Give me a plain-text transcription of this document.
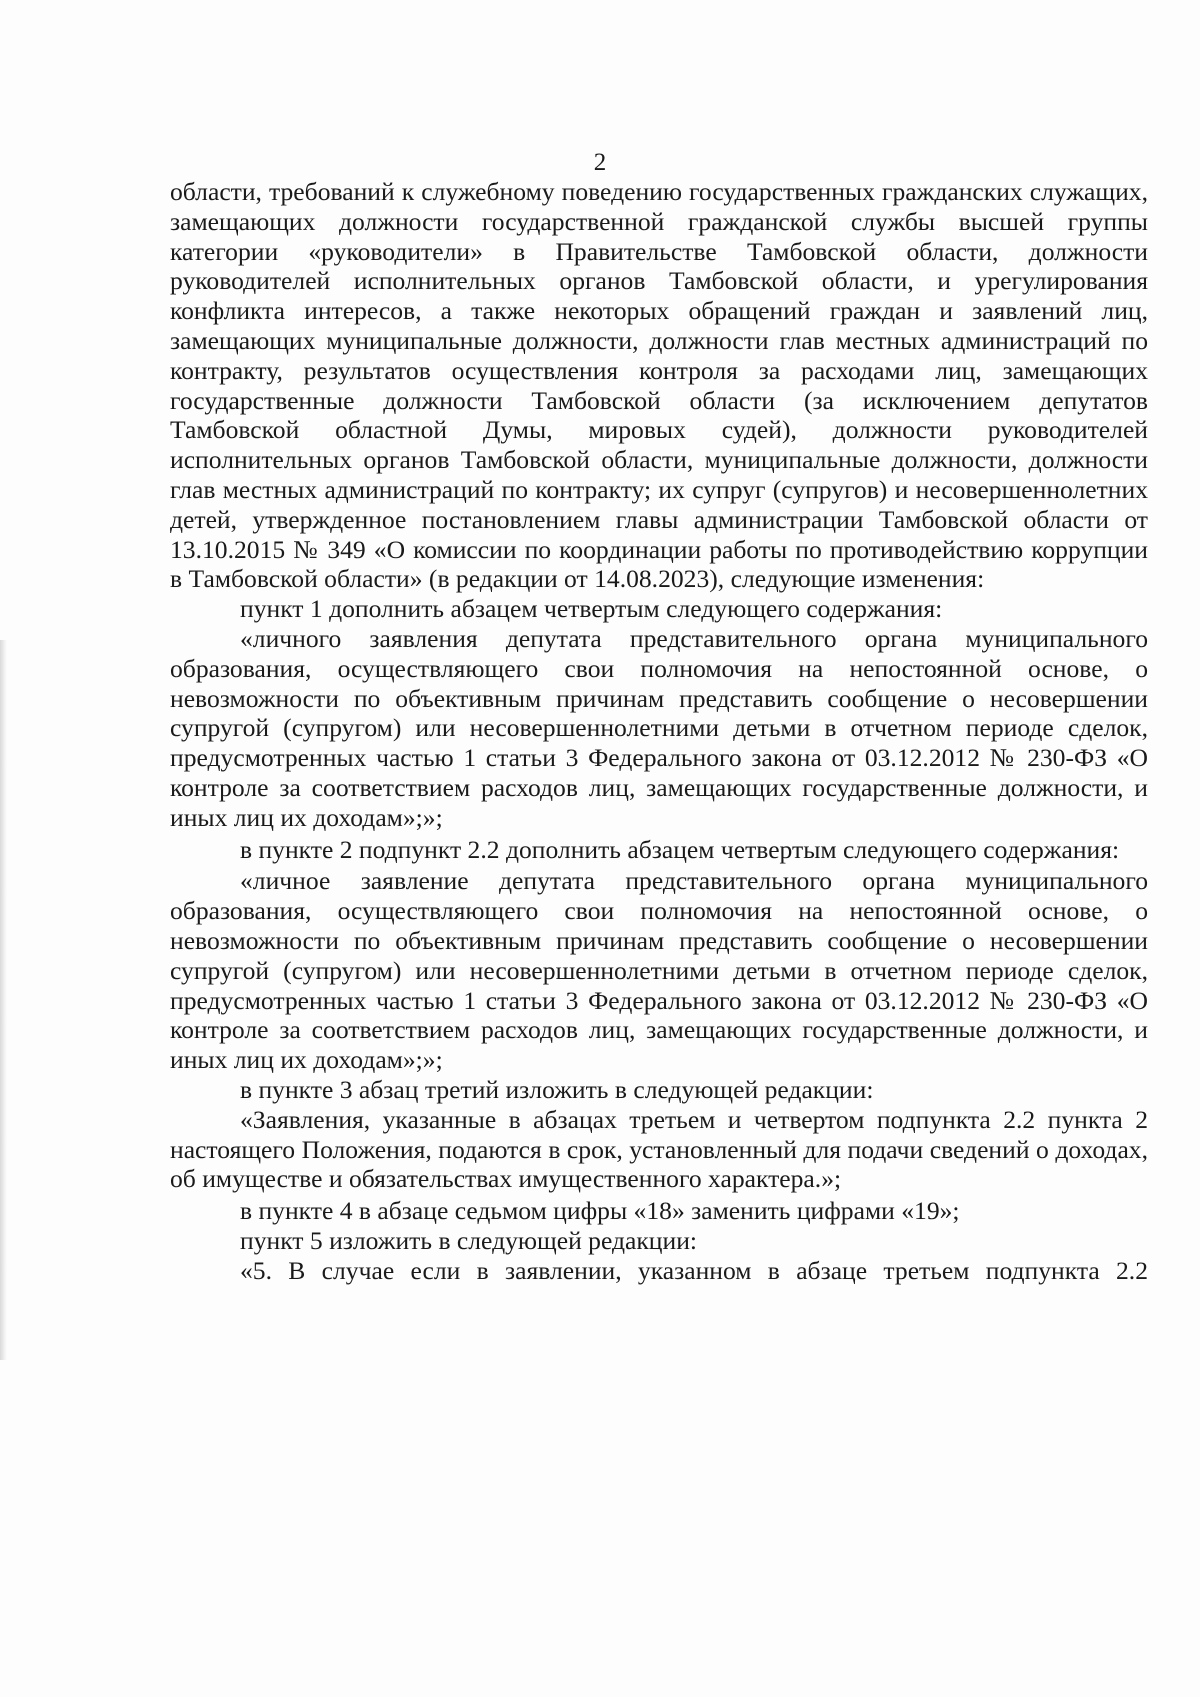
2

области, требований к служебному поведению государственных гражданских служащих, замещающих должности государственной гражданской службы высшей группы категории «руководители» в Правительстве Тамбовской области, должности руководителей исполнительных органов Тамбовской области, и урегулирования конфликта интересов, а также некоторых обращений граждан и заявлений лиц, замещающих муниципальные должности, должности глав местных администраций по контракту, результатов осуществления контроля за расходами лиц, замещающих государственные должности Тамбовской области (за исключением депутатов Тамбовской областной Думы, мировых судей), должности руководителей исполнительных органов Тамбовской области, муниципальные должности, должности глав местных администраций по контракту; их супруг (супругов) и несовершеннолетних детей, утвержденное постановлением главы администрации Тамбовской области от 13.10.2015 № 349 «О комиссии по координации работы по противодействию коррупции в Тамбовской области» (в редакции от 14.08.2023), следующие изменения:

пункт 1 дополнить абзацем четвертым следующего содержания:

«личного заявления депутата представительного органа муниципального образования, осуществляющего свои полномочия на непостоянной основе, о невозможности по объективным причинам представить сообщение о несовершении супругой (супругом) или несовершеннолетними детьми в отчетном периоде сделок, предусмотренных частью 1 статьи 3 Федерального закона от 03.12.2012 № 230-ФЗ «О контроле за соответствием расходов лиц, замещающих государственные должности, и иных лиц их доходам»;»;

в пункте 2 подпункт 2.2 дополнить абзацем четвертым следующего содержания:

«личное заявление депутата представительного органа муниципального образования, осуществляющего свои полномочия на непостоянной основе, о невозможности по объективным причинам представить сообщение о несовершении супругой (супругом) или несовершеннолетними детьми в отчетном периоде сделок, предусмотренных частью 1 статьи 3 Федерального закона от 03.12.2012 № 230-ФЗ «О контроле за соответствием расходов лиц, замещающих государственные должности, и иных лиц их доходам»;»;

в пункте 3 абзац третий изложить в следующей редакции:

«Заявления, указанные в абзацах третьем и четвертом подпункта 2.2 пункта 2 настоящего Положения, подаются в срок, установленный для подачи сведений о доходах, об имуществе и обязательствах имущественного характера.»;

в пункте 4 в абзаце седьмом цифры «18» заменить цифрами «19»;

пункт 5 изложить в следующей редакции:

«5. В случае если в заявлении, указанном в абзаце третьем подпункта 2.2
